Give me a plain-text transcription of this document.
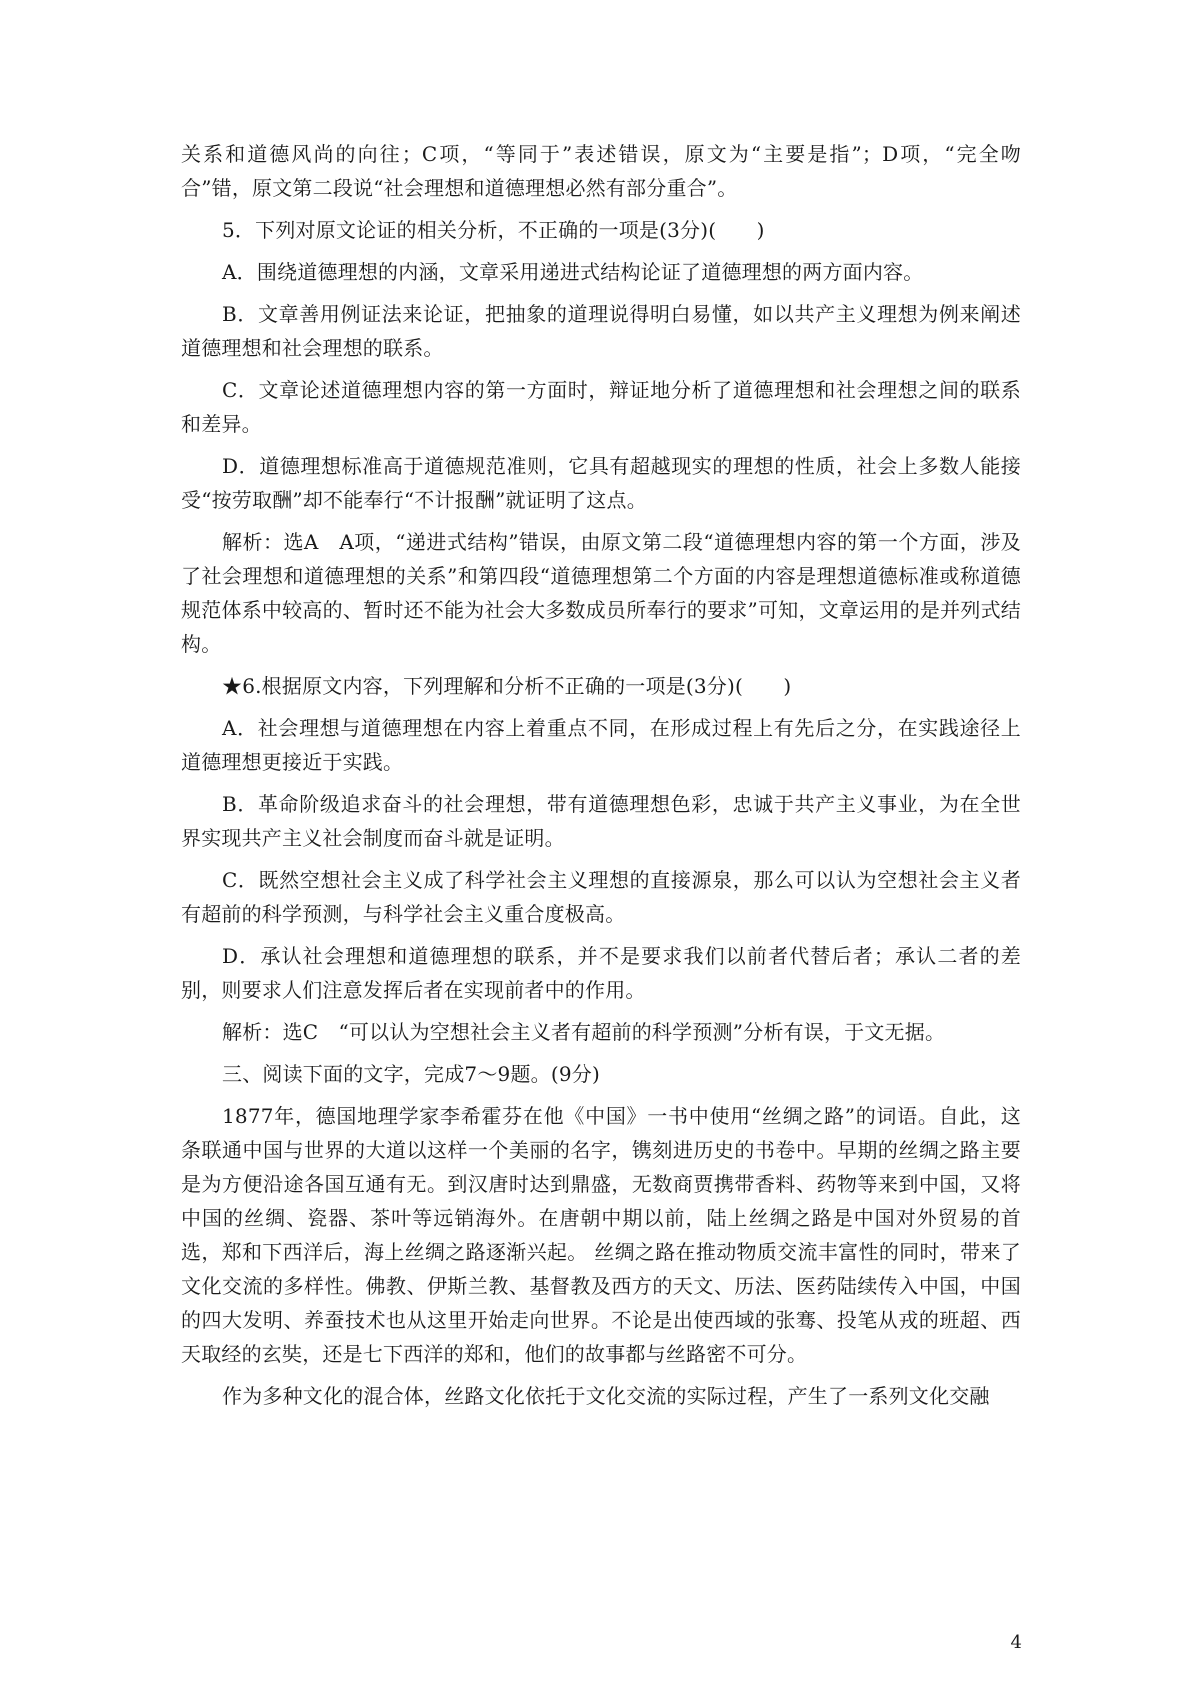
关系和道德风尚的向往；C项，“等同于”表述错误，原文为“主要是指”；D项，“完全吻合”错，原文第二段说“社会理想和道德理想必然有部分重合”。

5．下列对原文论证的相关分析，不正确的一项是(3分)(　　)

A．围绕道德理想的内涵，文章采用递进式结构论证了道德理想的两方面内容。

B．文章善用例证法来论证，把抽象的道理说得明白易懂，如以共产主义理想为例来阐述道德理想和社会理想的联系。

C．文章论述道德理想内容的第一方面时，辩证地分析了道德理想和社会理想之间的联系和差异。

D．道德理想标准高于道德规范准则，它具有超越现实的理想的性质，社会上多数人能接受“按劳取酬”却不能奉行“不计报酬”就证明了这点。

解析：选A　A项，“递进式结构”错误，由原文第二段“道德理想内容的第一个方面，涉及了社会理想和道德理想的关系”和第四段“道德理想第二个方面的内容是理想道德标准或称道德规范体系中较高的、暂时还不能为社会大多数成员所奉行的要求”可知，文章运用的是并列式结构。

★6.根据原文内容，下列理解和分析不正确的一项是(3分)(　　)

A．社会理想与道德理想在内容上着重点不同，在形成过程上有先后之分，在实践途径上道德理想更接近于实践。

B．革命阶级追求奋斗的社会理想，带有道德理想色彩，忠诚于共产主义事业，为在全世界实现共产主义社会制度而奋斗就是证明。

C．既然空想社会主义成了科学社会主义理想的直接源泉，那么可以认为空想社会主义者有超前的科学预测，与科学社会主义重合度极高。

D．承认社会理想和道德理想的联系，并不是要求我们以前者代替后者；承认二者的差别，则要求人们注意发挥后者在实现前者中的作用。

解析：选C　“可以认为空想社会主义者有超前的科学预测”分析有误，于文无据。

三、阅读下面的文字，完成7～9题。(9分)

1877年，德国地理学家李希霍芬在他《中国》一书中使用“丝绸之路”的词语。自此，这条联通中国与世界的大道以这样一个美丽的名字，镌刻进历史的书卷中。早期的丝绸之路主要是为方便沿途各国互通有无。到汉唐时达到鼎盛，无数商贾携带香料、药物等来到中国，又将中国的丝绸、瓷器、茶叶等远销海外。在唐朝中期以前，陆上丝绸之路是中国对外贸易的首选，郑和下西洋后，海上丝绸之路逐渐兴起。 丝绸之路在推动物质交流丰富性的同时，带来了文化交流的多样性。佛教、伊斯兰教、基督教及西方的天文、历法、医药陆续传入中国，中国的四大发明、养蚕技术也从这里开始走向世界。不论是出使西域的张骞、投笔从戎的班超、西天取经的玄奘，还是七下西洋的郑和，他们的故事都与丝路密不可分。

作为多种文化的混合体，丝路文化依托于文化交流的实际过程，产生了一系列文化交融

4
